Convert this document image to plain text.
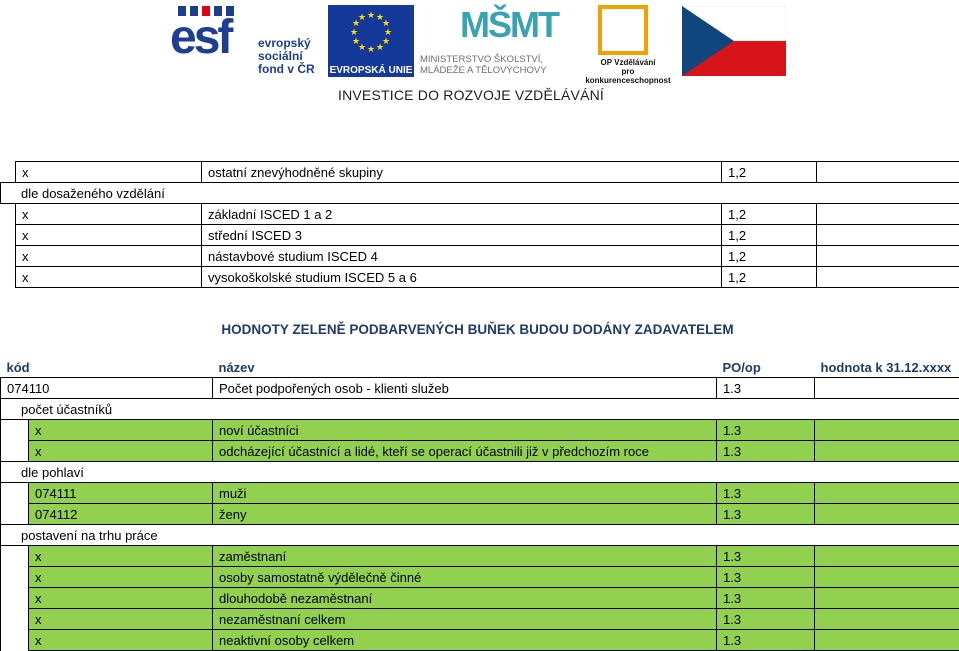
esf evropský
sociální
fond v ČR
★ ★
★
★
★
★
★
★
★
★
★
★
EVROPSKÁ UNIE
MŠMT
MINISTERSTVO ŠKOLSTVÍ,
MLÁDEŽE A TĚLOVÝCHOVY
OP Vzdělávání
pro konkurenceschopnost
INVESTICE DO ROZVOJE VZDĚLÁVÁNÍ
	x	ostatní znevýhodněné skupiny	1,2	
dle dosaženého vzdělání				
	x	základní ISCED 1 a 2	1,2	
	x	střední ISCED 3	1,2	
	x	nástavbové studium ISCED 4	1,2	
	x	vysokoškolské studium ISCED 5 a 6	1,2	
HODNOTY ZELENĚ PODBARVENÝCH BUŇEK BUDOU DODÁNY ZADAVATELEM
kód		název	PO/op	hodnota k 31.12.xxxx
074110		Počet podpořených osob - klienti služeb	1.3	
počet účastníků				
	x	noví účastníci	1.3	
	x	odcházející účastnící a lidé, kteří se operací účastnili již v předchozím roce	1.3	
dle pohlaví				
	074111	muži	1.3	
	074112	ženy	1.3	
postavení na trhu práce				
	x	zaměstnaní	1.3	
	x	osoby samostatně výdělečně činné	1.3	
	x	dlouhodobě nezaměstnaní	1.3	
	x	nezaměstnaní celkem	1.3	
	x	neaktivní osoby celkem	1.3	
